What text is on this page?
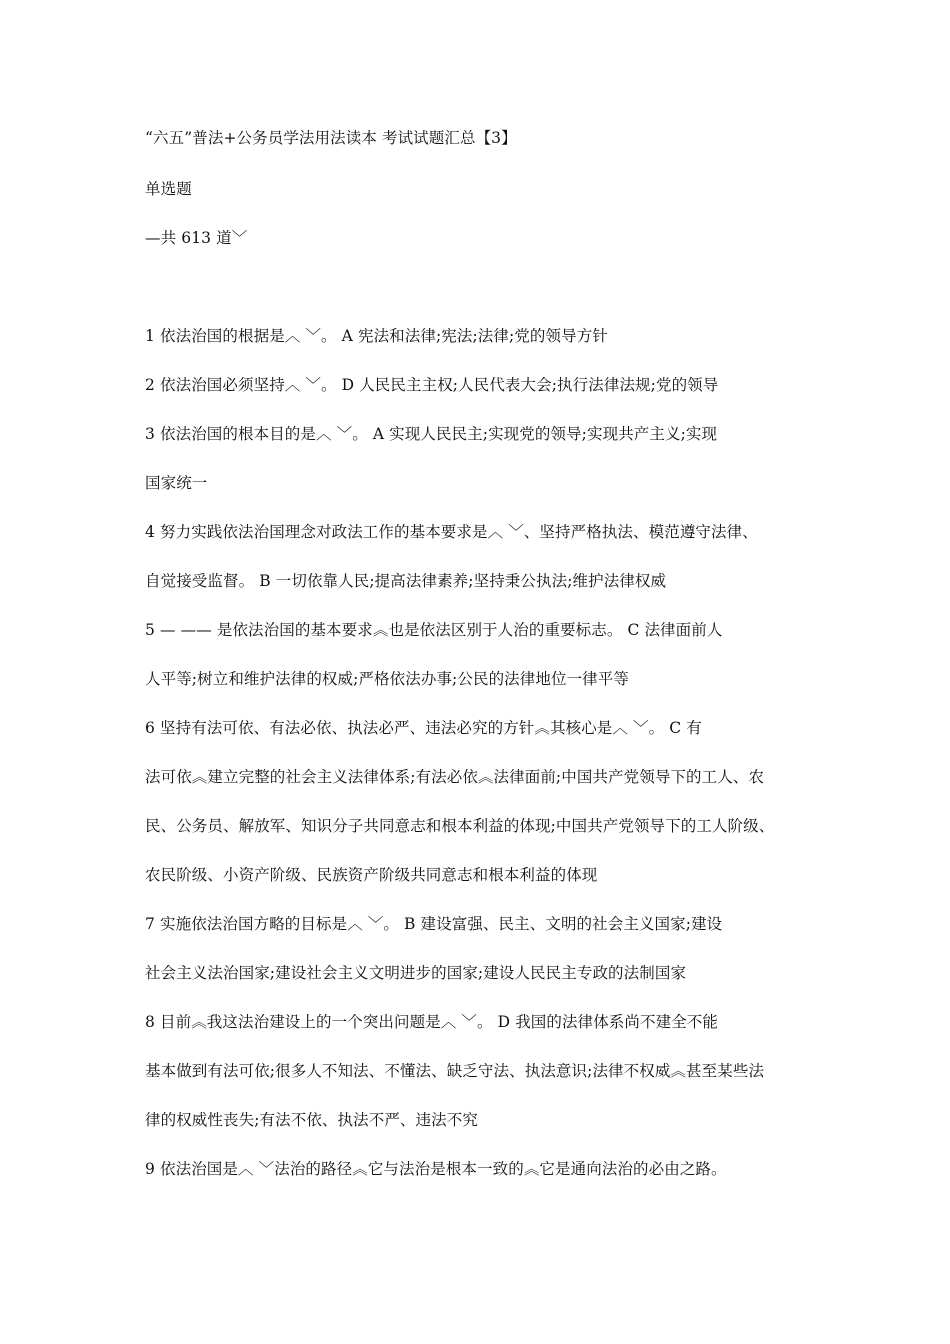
“六五”普法+公务员学法用法读本 考试试题汇总【3】

单选题

—共 613 道﹀

1 依法治国的根据是︿ ﹀。 A 宪法和法律;宪法;法律;党的领导方针

2 依法治国必须坚持︿ ﹀。 D 人民民主主权;人民代表大会;执行法律法规;党的领导

3 依法治国的根本目的是︿ ﹀。 A 实现人民民主;实现党的领导;实现共产主义;实现

国家统一

4 努力实践依法治国理念对政法工作的基本要求是︿ ﹀、坚持严格执法、模范遵守法律、

自觉接受监督。 B 一切依靠人民;提高法律素养;坚持秉公执法;维护法律权威

5 — —— 是依法治国的基本要求︽也是依法区别于人治的重要标志。 C 法律面前人

人平等;树立和维护法律的权威;严格依法办事;公民的法律地位一律平等

6 坚持有法可依、有法必依、执法必严、违法必究的方针︽其核心是︿ ﹀。 C 有

法可依︽建立完整的社会主义法律体系;有法必依︽法律面前;中国共产党领导下的工人、农

民、公务员、解放军、知识分子共同意志和根本利益的体现;中国共产党领导下的工人阶级、

农民阶级、小资产阶级、民族资产阶级共同意志和根本利益的体现

7 实施依法治国方略的目标是︿ ﹀。 B 建设富强、民主、文明的社会主义国家;建设

社会主义法治国家;建设社会主义文明进步的国家;建设人民民主专政的法制国家

8 目前︽我这法治建设上的一个突出问题是︿ ﹀。 D 我国的法律体系尚不建全不能

基本做到有法可依;很多人不知法、不懂法、缺乏守法、执法意识;法律不权威︽甚至某些法

律的权威性丧失;有法不依、执法不严、违法不究

9 依法治国是︿ ﹀法治的路径︽它与法治是根本一致的︽它是通向法治的必由之路。
